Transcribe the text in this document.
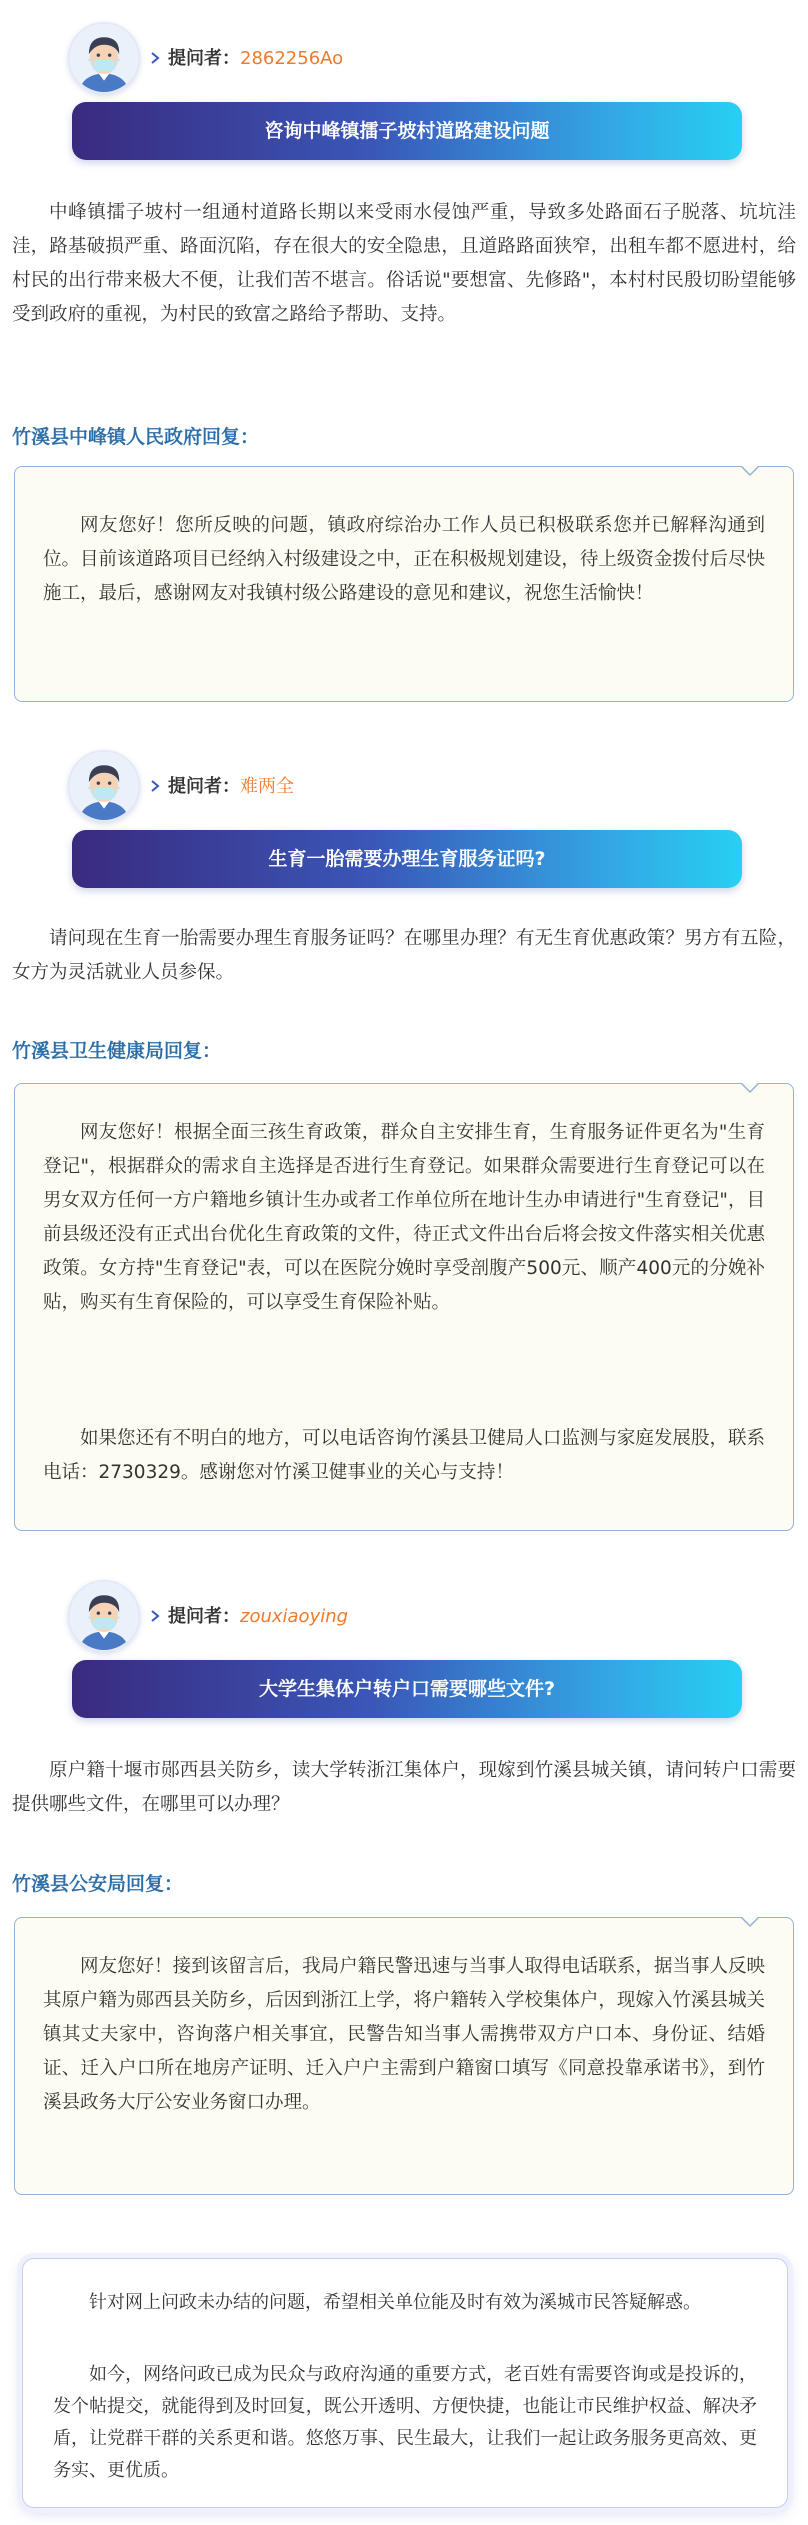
提问者：2862256Ao
咨询中峰镇擂子坡村道路建设问题

中峰镇擂子坡村一组通村道路长期以来受雨水侵蚀严重，导致多处路面石子脱落、坑坑洼洼，路基破损严重、路面沉陷，存在很大的安全隐患，且道路路面狭窄，出租车都不愿进村，给村民的出行带来极大不便，让我们苦不堪言。俗话说"要想富、先修路"，本村村民殷切盼望能够受到政府的重视，为村民的致富之路给予帮助、支持。

竹溪县中峰镇人民政府回复：

网友您好！您所反映的问题，镇政府综治办工作人员已积极联系您并已解释沟通到位。目前该道路项目已经纳入村级建设之中，正在积极规划建设，待上级资金拨付后尽快施工，最后，感谢网友对我镇村级公路建设的意见和建议，祝您生活愉快！

提问者：难两全
生育一胎需要办理生育服务证吗?

请问现在生育一胎需要办理生育服务证吗？在哪里办理？有无生育优惠政策？男方有五险，女方为灵活就业人员参保。

竹溪县卫生健康局回复：

网友您好！根据全面三孩生育政策，群众自主安排生育，生育服务证件更名为"生育登记"，根据群众的需求自主选择是否进行生育登记。如果群众需要进行生育登记可以在男女双方任何一方户籍地乡镇计生办或者工作单位所在地计生办申请进行"生育登记"，目前县级还没有正式出台优化生育政策的文件，待正式文件出台后将会按文件落实相关优惠政策。女方持"生育登记"表，可以在医院分娩时享受剖腹产500元、顺产400元的分娩补贴，购买有生育保险的，可以享受生育保险补贴。

如果您还有不明白的地方，可以电话咨询竹溪县卫健局人口监测与家庭发展股，联系电话：2730329。感谢您对竹溪卫健事业的关心与支持！

提问者：zouxiaoying
大学生集体户转户口需要哪些文件?

原户籍十堰市郧西县关防乡，读大学转浙江集体户，现嫁到竹溪县城关镇，请问转户口需要提供哪些文件，在哪里可以办理？

竹溪县公安局回复：

网友您好！接到该留言后，我局户籍民警迅速与当事人取得电话联系，据当事人反映其原户籍为郧西县关防乡，后因到浙江上学，将户籍转入学校集体户，现嫁入竹溪县城关镇其丈夫家中，咨询落户相关事宜，民警告知当事人需携带双方户口本、身份证、结婚证、迁入户口所在地房产证明、迁入户户主需到户籍窗口填写《同意投靠承诺书》，到竹溪县政务大厅公安业务窗口办理。

针对网上问政未办结的问题，希望相关单位能及时有效为溪城市民答疑解惑。

如今，网络问政已成为民众与政府沟通的重要方式，老百姓有需要咨询或是投诉的，发个帖提交，就能得到及时回复，既公开透明、方便快捷，也能让市民维护权益、解决矛盾，让党群干群的关系更和谐。悠悠万事、民生最大，让我们一起让政务服务更高效、更务实、更优质。
